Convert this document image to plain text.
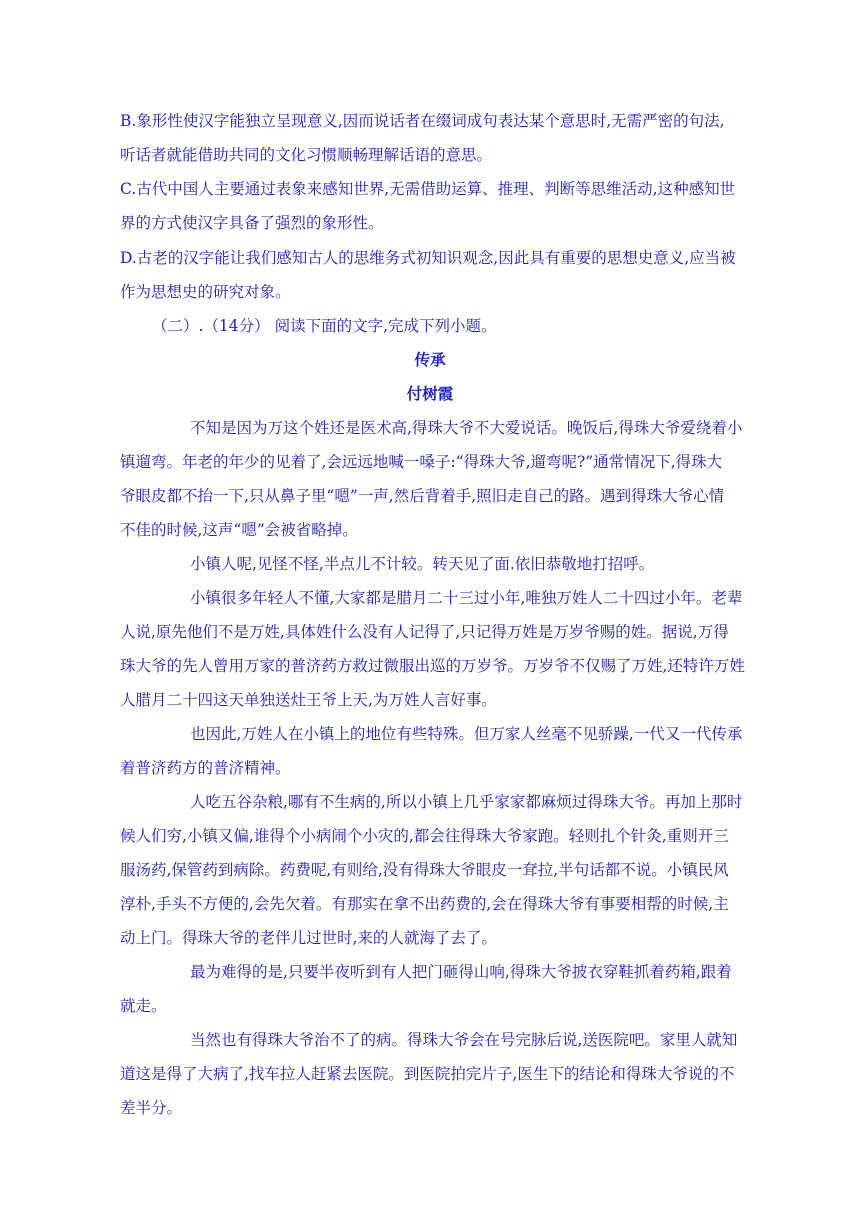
B.象形性使汉字能独立呈现意义,因而说话者在缀词成句表达某个意思时,无需严密的句法,
听话者就能借助共同的文化习惯顺畅理解话语的意思。
C.古代中国人主要通过表象来感知世界,无需借助运算、推理、判断等思维活动,这种感知世
界的方式使汉字具备了强烈的象形性。
D.古老的汉字能让我们感知古人的思维务式初知识观念,因此具有重要的思想史意义,应当被
作为思想史的研究对象。
（二）.（14分） 阅读下面的文字,完成下列小题。
传承
付树霞
不知是因为万这个姓还是医术高,得珠大爷不大爱说话。晚饭后,得珠大爷爱绕着小
镇遛弯。年老的年少的见着了,会远远地喊一嗓子:“得珠大爷,遛弯呢?”通常情况下,得珠大
爷眼皮都不抬一下,只从鼻子里“嗯”一声,然后背着手,照旧走自己的路。遇到得珠大爷心情
不佳的时候,这声“嗯”会被省略掉。
小镇人呢,见怪不怪,半点儿不计较。转天见了面.依旧恭敬地打招呼。
小镇很多年轻人不懂,大家都是腊月二十三过小年,唯独万姓人二十四过小年。老辈
人说,原先他们不是万姓,具体姓什么没有人记得了,只记得万姓是万岁爷赐的姓。据说,万得
珠大爷的先人曾用万家的普济药方救过微服出巡的万岁爷。万岁爷不仅赐了万姓,还特许万姓
人腊月二十四这天单独送灶王爷上天,为万姓人言好事。
也因此,万姓人在小镇上的地位有些特殊。但万家人丝毫不见骄躁,一代又一代传承
着普济药方的普济精神。
人吃五谷杂粮,哪有不生病的,所以小镇上几乎家家都麻烦过得珠大爷。再加上那时
候人们穷,小镇又偏,谁得个小病闹个小灾的,都会往得珠大爷家跑。轻则扎个针灸,重则开三
服汤药,保管药到病除。药费呢,有则给,没有得珠大爷眼皮一耷拉,半句话都不说。小镇民风
淳朴,手头不方便的,会先欠着。有那实在拿不出药费的,会在得珠大爷有事要相帮的时候,主
动上门。得珠大爷的老伴儿过世时,来的人就海了去了。
最为难得的是,只要半夜听到有人把门砸得山响,得珠大爷披衣穿鞋抓着药箱,跟着
就走。
当然也有得珠大爷治不了的病。得珠大爷会在号完脉后说,送医院吧。家里人就知
道这是得了大病了,找车拉人赶紧去医院。到医院拍完片子,医生下的结论和得珠大爷说的不
差半分。
